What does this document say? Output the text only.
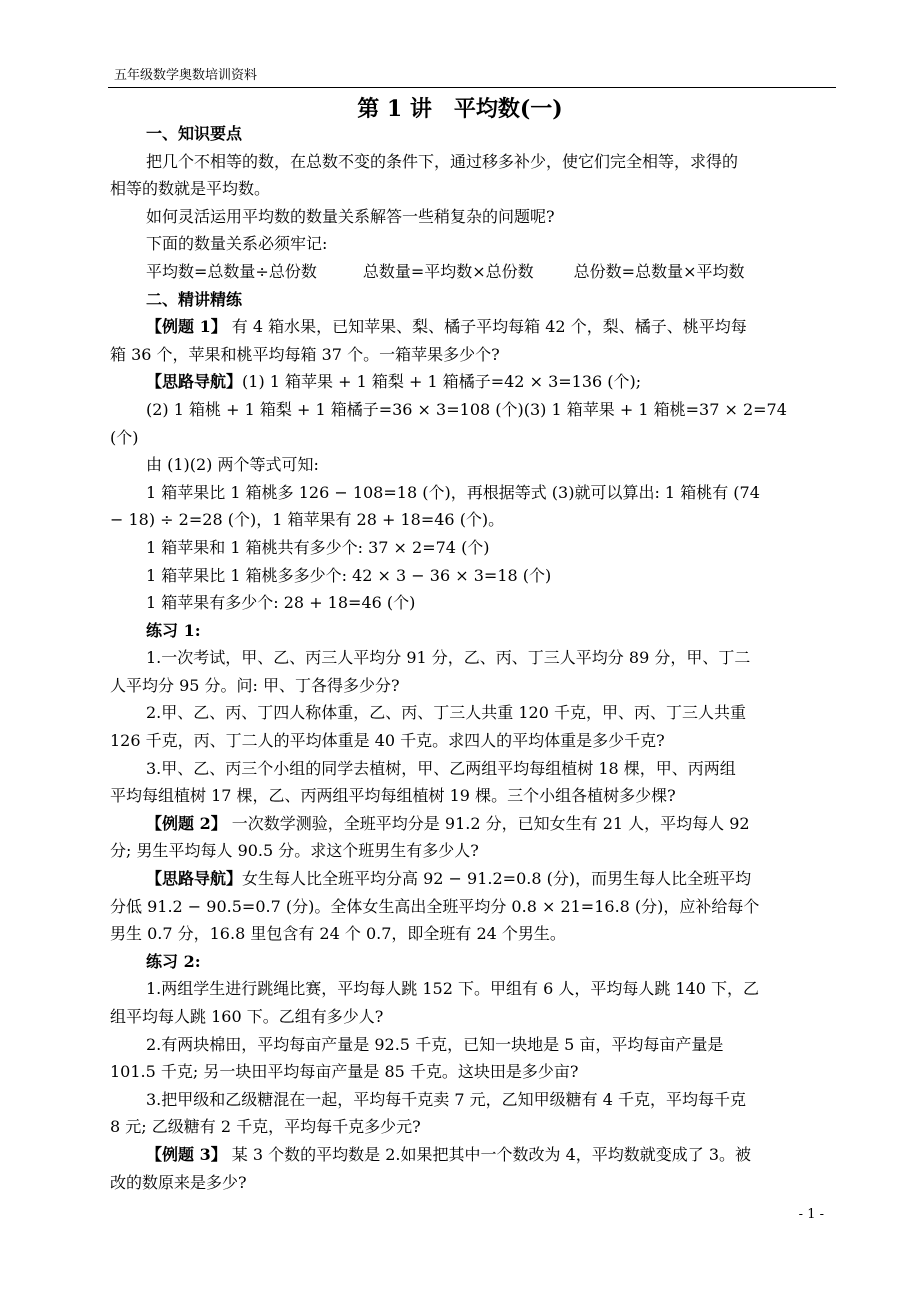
五年级数学奥数培训资料
第 1 讲　平均数(一)
一、知识要点
把几个不相等的数，在总数不变的条件下，通过移多补少，使它们完全相等，求得的
相等的数就是平均数。
如何灵活运用平均数的数量关系解答一些稍复杂的问题呢?
下面的数量关系必须牢记:
平均数=总数量÷总份数	总数量=平均数×总份数	总份数=总数量×平均数
二、精讲精练
【例题 1】 有 4 箱水果，已知苹果、梨、橘子平均每箱 42 个，梨、橘子、桃平均每
箱 36 个，苹果和桃平均每箱 37 个。一箱苹果多少个?
【思路导航】(1) 1 箱苹果 + 1 箱梨 + 1 箱橘子=42 × 3=136 (个);
(2) 1 箱桃 + 1 箱梨 + 1 箱橘子=36 × 3=108 (个)(3) 1 箱苹果 + 1 箱桃=37 × 2=74
(个)
由 (1)(2) 两个等式可知:
1 箱苹果比 1 箱桃多 126 − 108=18 (个)，再根据等式 (3)就可以算出: 1 箱桃有 (74
− 18) ÷ 2=28 (个)，1 箱苹果有 28 + 18=46 (个)。
1 箱苹果和 1 箱桃共有多少个: 37 × 2=74 (个)
1 箱苹果比 1 箱桃多多少个: 42 × 3 − 36 × 3=18 (个)
1 箱苹果有多少个: 28 + 18=46 (个)
练习 1:
1.一次考试，甲、乙、丙三人平均分 91 分，乙、丙、丁三人平均分 89 分，甲、丁二
人平均分 95 分。问: 甲、丁各得多少分?
2.甲、乙、丙、丁四人称体重，乙、丙、丁三人共重 120 千克，甲、丙、丁三人共重
126 千克，丙、丁二人的平均体重是 40 千克。求四人的平均体重是多少千克?
3.甲、乙、丙三个小组的同学去植树，甲、乙两组平均每组植树 18 棵，甲、丙两组
平均每组植树 17 棵，乙、丙两组平均每组植树 19 棵。三个小组各植树多少棵?
【例题 2】 一次数学测验，全班平均分是 91.2 分，已知女生有 21 人，平均每人 92
分; 男生平均每人 90.5 分。求这个班男生有多少人?
【思路导航】女生每人比全班平均分高 92 − 91.2=0.8 (分)，而男生每人比全班平均
分低 91.2 − 90.5=0.7 (分)。全体女生高出全班平均分 0.8 × 21=16.8 (分)，应补给每个
男生 0.7 分，16.8 里包含有 24 个 0.7，即全班有 24 个男生。
练习 2:
1.两组学生进行跳绳比赛，平均每人跳 152 下。甲组有 6 人，平均每人跳 140 下，乙
组平均每人跳 160 下。乙组有多少人?
2.有两块棉田，平均每亩产量是 92.5 千克，已知一块地是 5 亩，平均每亩产量是
101.5 千克; 另一块田平均每亩产量是 85 千克。这块田是多少亩?
3.把甲级和乙级糖混在一起，平均每千克卖 7 元，乙知甲级糖有 4 千克，平均每千克
8 元; 乙级糖有 2 千克，平均每千克多少元?
【例题 3】 某 3 个数的平均数是 2.如果把其中一个数改为 4，平均数就变成了 3。被
改的数原来是多少?
- 1 -
